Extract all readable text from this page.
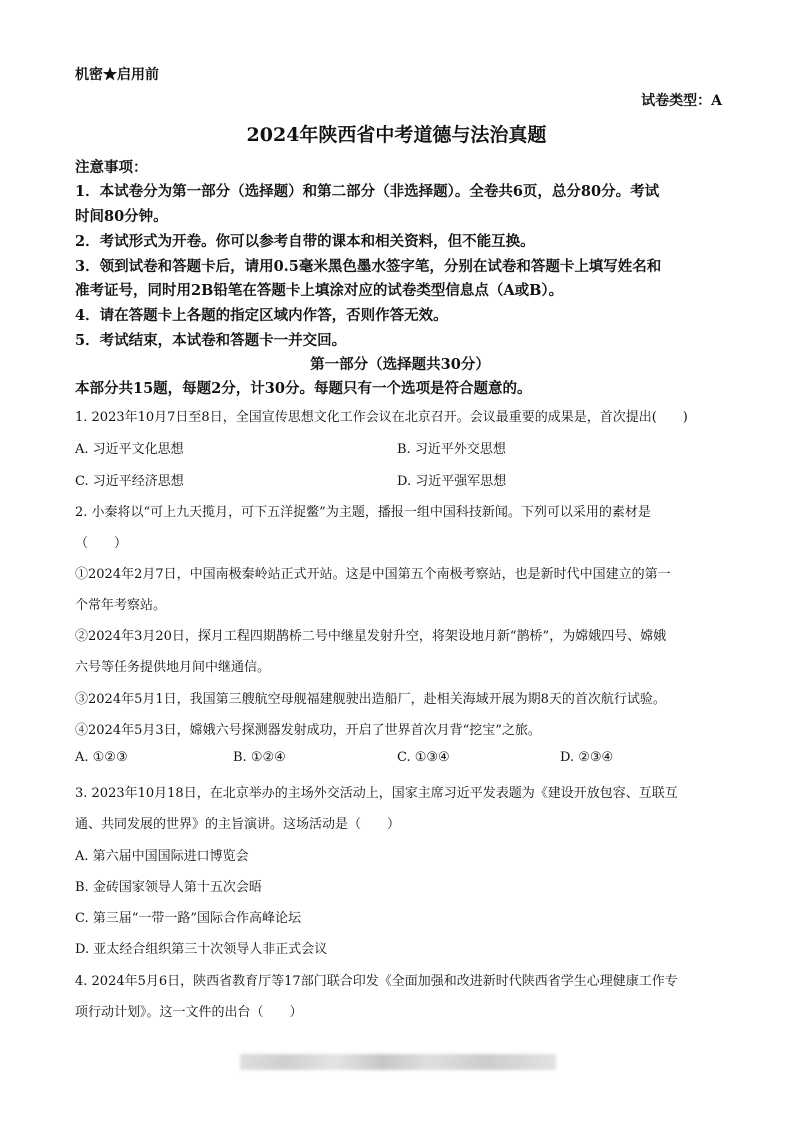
机密★启用前
试卷类型：A
2024年陕西省中考道德与法治真题
注意事项：
1．本试卷分为第一部分（选择题）和第二部分（非选择题）。全卷共6页，总分80分。考试
时间80分钟。
2．考试形式为开卷。你可以参考自带的课本和相关资料，但不能互换。
3．领到试卷和答题卡后，请用0.5毫米黑色墨水签字笔，分别在试卷和答题卡上填写姓名和
准考证号，同时用2B铅笔在答题卡上填涂对应的试卷类型信息点（A或B）。
4．请在答题卡上各题的指定区域内作答，否则作答无效。
5．考试结束，本试卷和答题卡一并交回。
第一部分（选择题共30分）
本部分共15题，每题2分，计30分。每题只有一个选项是符合题意的。
1. 2023年10月7日至8日，全国宣传思想文化工作会议在北京召开。会议最重要的成果是，首次提出(　　)
A. 习近平文化思想	B. 习近平外交思想
C. 习近平经济思想	D. 习近平强军思想
2. 小秦将以“可上九天揽月，可下五洋捉鳖”为主题，播报一组中国科技新闻。下列可以采用的素材是
（　　）
①2024年2月7日，中国南极秦岭站正式开站。这是中国第五个南极考察站，也是新时代中国建立的第一
个常年考察站。
②2024年3月20日，探月工程四期鹊桥二号中继星发射升空，将架设地月新“鹊桥”，为嫦娥四号、嫦娥
六号等任务提供地月间中继通信。
③2024年5月1日，我国第三艘航空母舰福建舰驶出造船厂，赴相关海域开展为期8天的首次航行试验。
④2024年5月3日，嫦娥六号探测器发射成功，开启了世界首次月背“挖宝”之旅。
A. ①②③	B. ①②④	C. ①③④	D. ②③④
3. 2023年10月18日，在北京举办的主场外交活动上，国家主席习近平发表题为《建设开放包容、互联互
通、共同发展的世界》的主旨演讲。这场活动是（　　）
A. 第六届中国国际进口博览会
B. 金砖国家领导人第十五次会晤
C. 第三届“一带一路”国际合作高峰论坛
D. 亚太经合组织第三十次领导人非正式会议
4. 2024年5月6日，陕西省教育厅等17部门联合印发《全面加强和改进新时代陕西省学生心理健康工作专
项行动计划》。这一文件的出台（　　）
